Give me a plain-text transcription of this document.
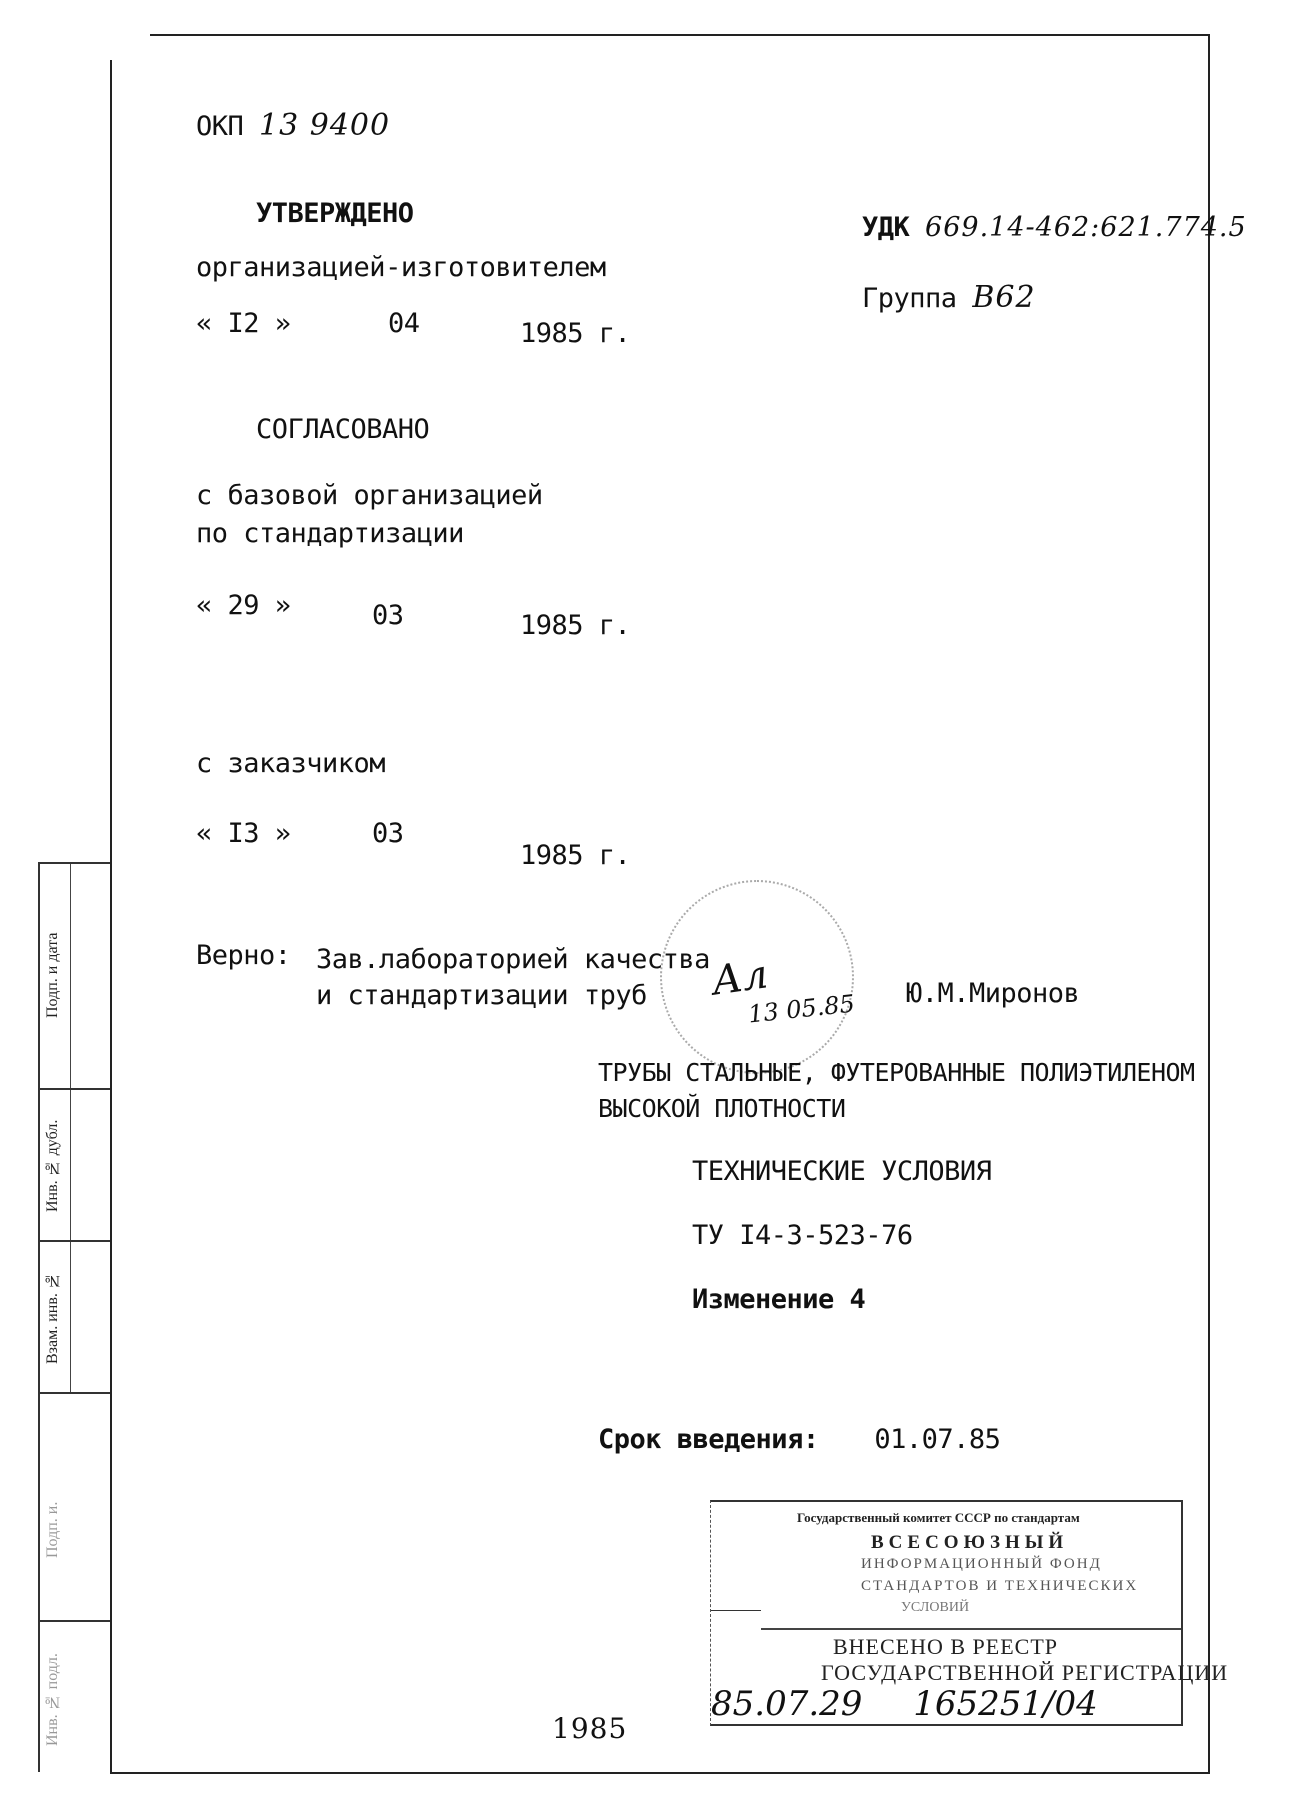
ОКП 13 9400
УТВЕРЖДЕНО
организацией-изготовителем
« I2 »	04	1985 г.
УДК 669.14-462:621.774.5
Группа В62
СОГЛАСОВАНО
с базовой организацией
по стандартизации
« 29 »	03	1985 г.
с заказчиком
« I3 »	03
1985 г.
Верно: Зав.лабораторией качества
и стандартизации труб Ал
13 05.85 Ю.М.Миронов
ТРУБЫ СТАЛЬНЫЕ, ФУТЕРОВАННЫЕ ПОЛИЭТИЛЕНОМ
ВЫСОКОЙ ПЛОТНОСТИ
ТЕХНИЧЕСКИЕ УСЛОВИЯ
ТУ I4-3-523-76
Изменение 4
Срок введения: 01.07.85
Подп. и дата
Инв. № дубл.
Взам. инв. №
Подп. и.
Инв. № подл.
Государственный комитет СССР по стандартам
ВСЕСОЮЗНЫЙ
ИНФОРМАЦИОННЫЙ ФОНД
СТАНДАРТОВ И ТЕХНИЧЕСКИХ
УСЛОВИЙ
ВНЕСЕНО В РЕЕСТР
ГОСУДАРСТВЕННОЙ РЕГИСТРАЦИИ
85.07.29 165251/04
1985
